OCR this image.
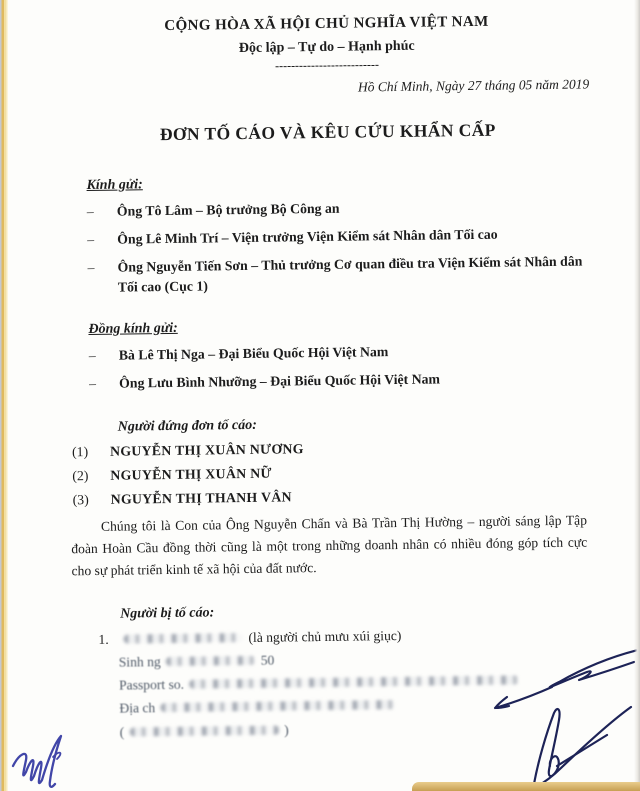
CỘNG HÒA XÃ HỘI CHỦ NGHĨA VIỆT NAM
Độc lập – Tự do – Hạnh phúc
--------------------------
Hồ Chí Minh, Ngày 27 tháng 05 năm 2019
ĐƠN TỐ CÁO VÀ KÊU CỨU KHẨN CẤP
Kính gửi:
–	Ông Tô Lâm – Bộ trưởng Bộ Công an
–	Ông Lê Minh Trí – Viện trưởng Viện Kiểm sát Nhân dân Tối cao
–	Ông Nguyễn Tiến Sơn – Thủ trưởng Cơ quan điều tra Viện Kiểm sát Nhân dân Tối cao (Cục 1)
Đồng kính gửi:
–	Bà Lê Thị Nga – Đại Biểu Quốc Hội Việt Nam
–	Ông Lưu Bình Nhưỡng – Đại Biểu Quốc Hội Việt Nam
Người đứng đơn tố cáo:
(1)	NGUYỄN THỊ XUÂN NƯƠNG
(2)	NGUYỄN THỊ XUÂN NỮ
(3)	NGUYỄN THỊ THANH VÂN

Chúng tôi là Con của Ông Nguyễn Chấn và Bà Trần Thị Hường – người sáng lập Tập đoàn Hoàn Cầu đồng thời cũng là một trong những doanh nhân có nhiều đóng góp tích cực cho sự phát triển kinh tế xã hội của đất nước.

Người bị tố cáo:
1.	(là người chủ mưu xúi giục)
Sinh ng	50
Passport so.
Địa ch
(	)
